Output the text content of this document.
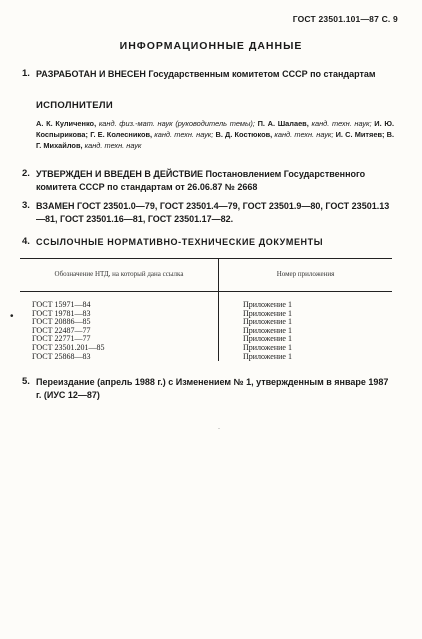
ГОСТ 23501.101—87 С. 9
ИНФОРМАЦИОННЫЕ ДАННЫЕ
1. РАЗРАБОТАН И ВНЕСЕН Государственным комитетом СССР по стандартам
ИСПОЛНИТЕЛИ
А. К. Куличенко, канд. физ.-мат. наук (руководитель темы); П. А. Шалаев, канд. техн. наук; И. Ю. Коспырикова; Г. Е. Колесников, канд. техн. наук; В. Д. Костюков, канд. техн. наук; И. С. Митяев; В. Г. Михайлов, канд. техн. наук
2. УТВЕРЖДЕН И ВВЕДЕН В ДЕЙСТВИЕ Постановлением Государственного комитета СССР по стандартам от 26.06.87 № 2668
3. ВЗАМЕН ГОСТ 23501.0—79, ГОСТ 23501.4—79, ГОСТ 23501.9—80, ГОСТ 23501.13—81, ГОСТ 23501.16—81, ГОСТ 23501.17—82.
4. ССЫЛОЧНЫЕ НОРМАТИВНО-ТЕХНИЧЕСКИЕ ДОКУМЕНТЫ
Обозначение НТД, на который дана ссылка	Номер приложения
ГОСТ 15971—84	Приложение 1
ГОСТ 19781—83	Приложение 1
ГОСТ 20886—85	Приложение 1
ГОСТ 22487—77	Приложение 1
ГОСТ 22771—77	Приложение 1
ГОСТ 23501.201—85	Приложение 1
ГОСТ 25868—83	Приложение 1
•
5. Переиздание (апрель 1988 г.) с Изменением № 1, утвержденным в январе 1987 г. (ИУС 12—87)
·
